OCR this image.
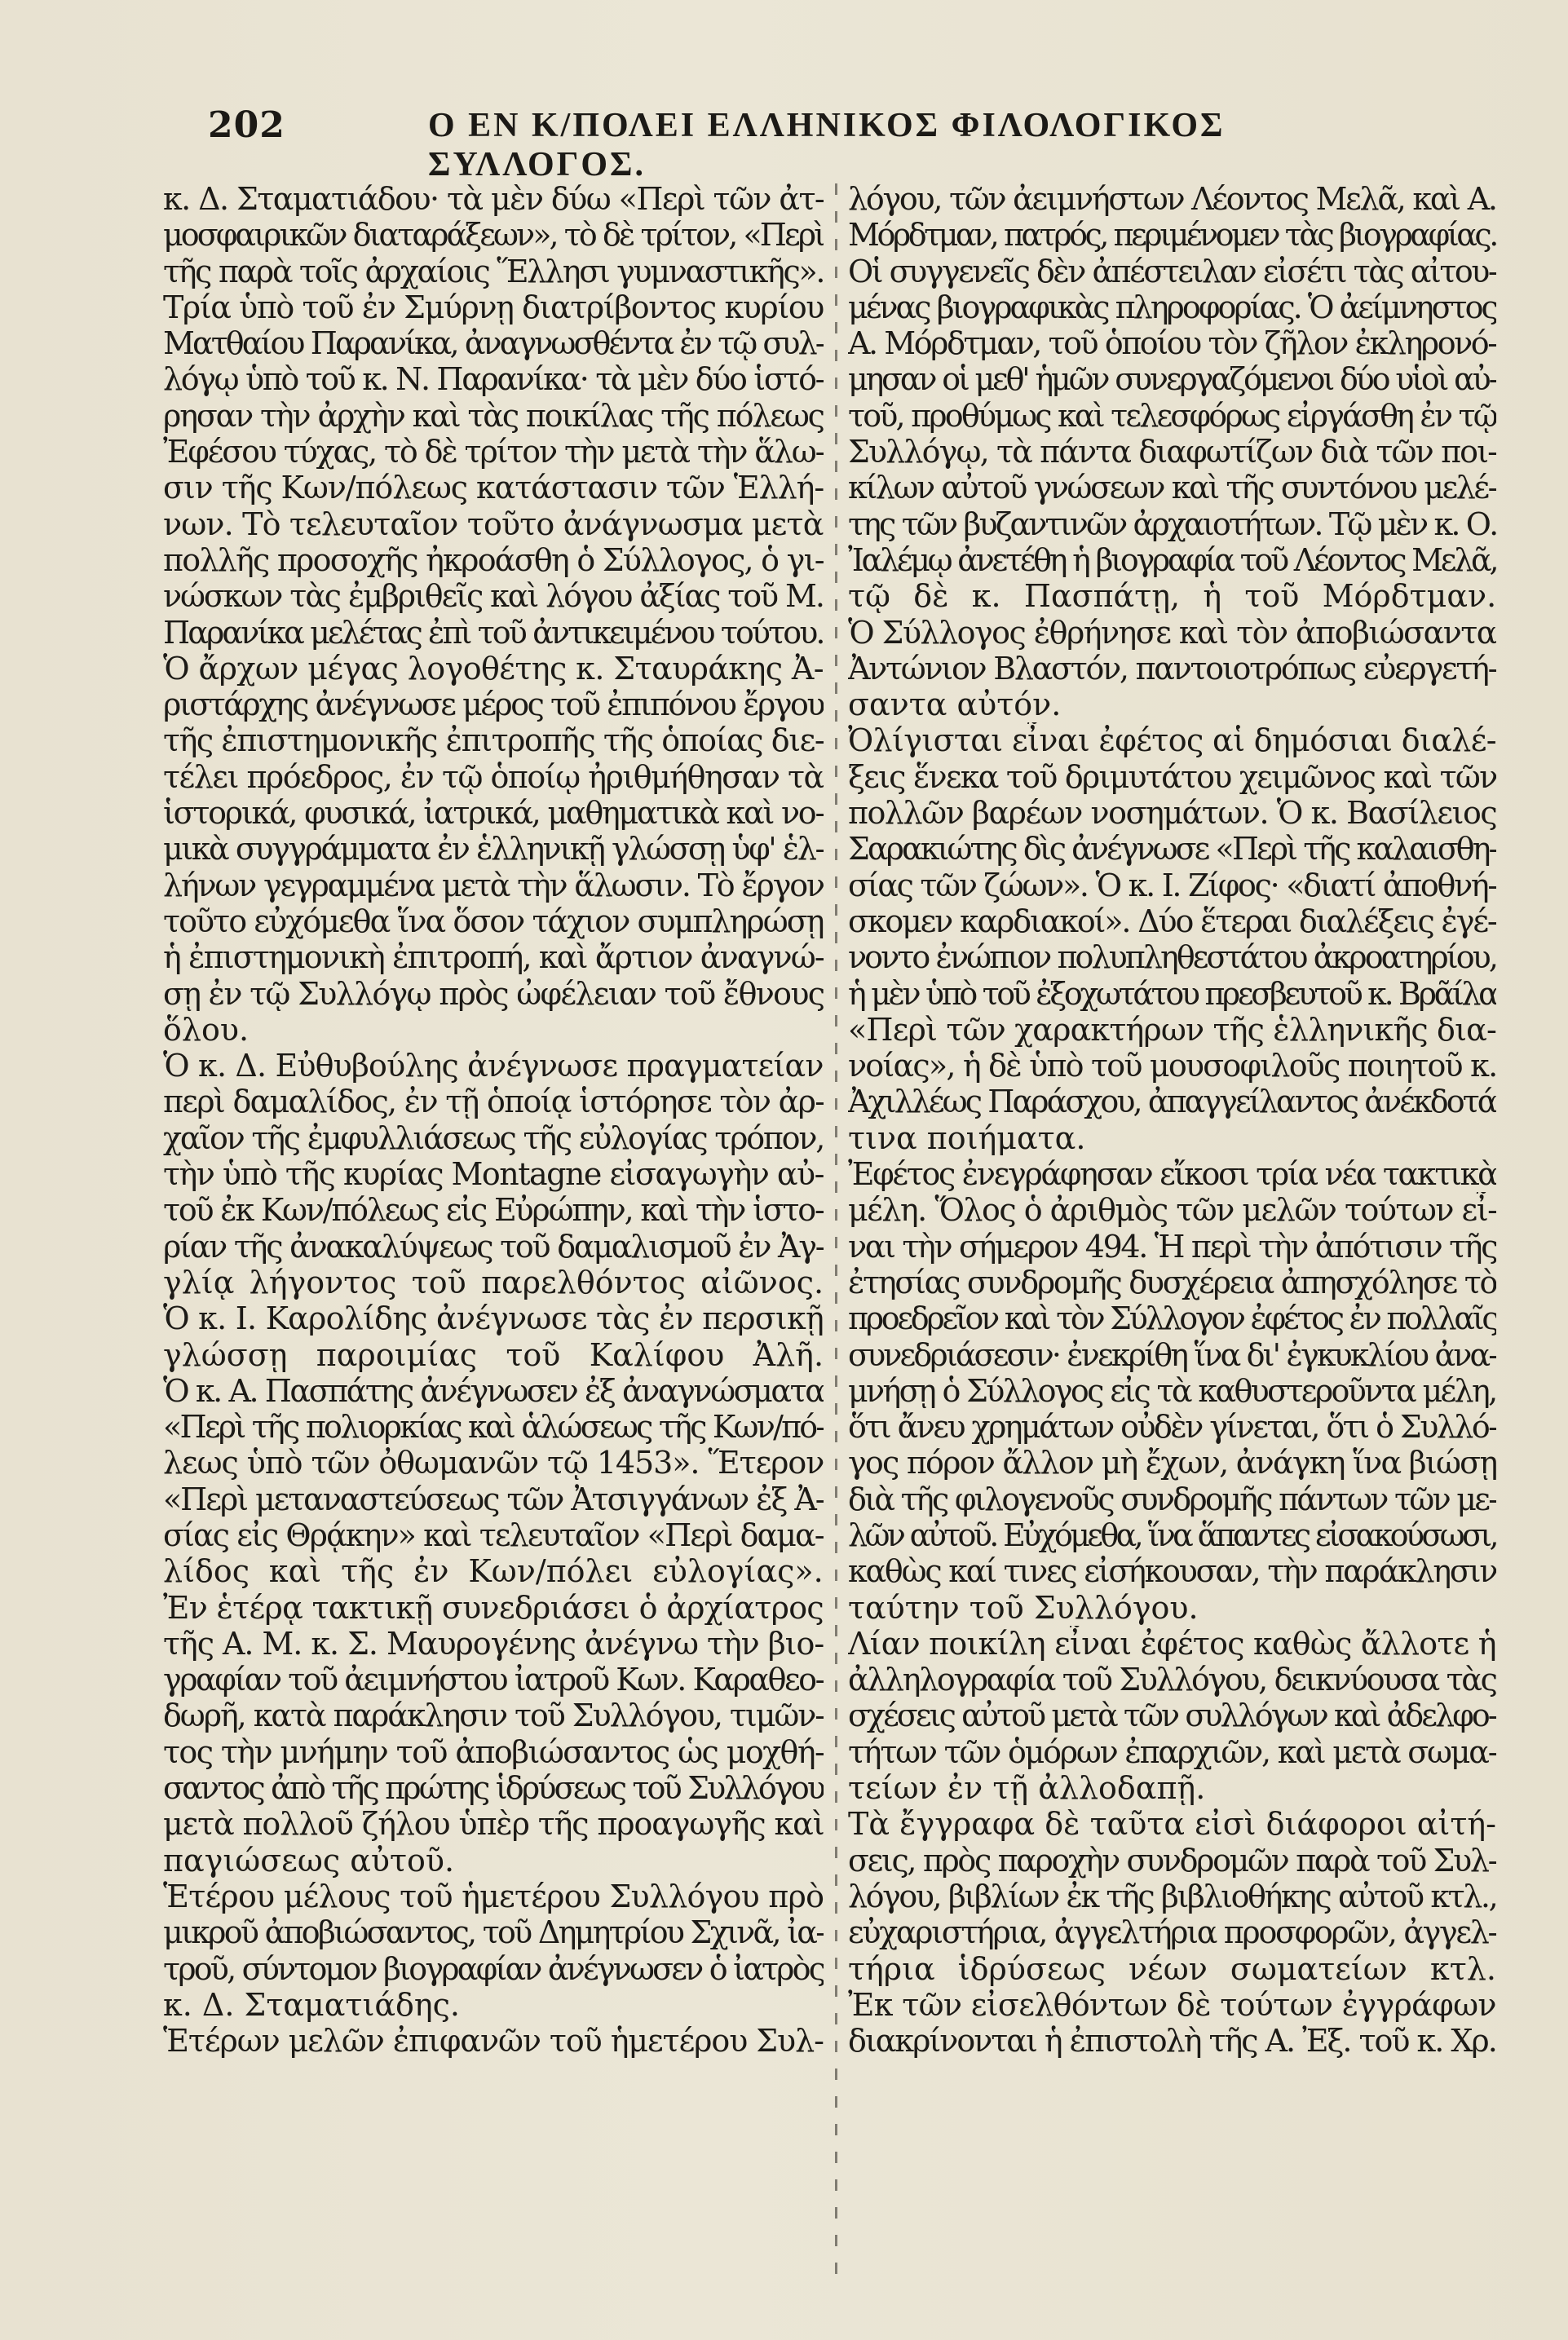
202	Ο ΕΝ Κ/ΠΟΛΕΙ ΕΛΛΗΝΙΚΟΣ ΦΙΛΟΛΟΓΙΚΟΣ ΣΥΛΛΟΓΟΣ.
κ. Δ. Σταματιάδου· τὰ μὲν δύω «Περὶ τῶν ἀτ-
μοσφαιρικῶν διαταράξεων», τὸ δὲ τρίτον, «Περὶ
τῆς παρὰ τοῖς ἀρχαίοις Ἕλλησι γυμναστικῆς».
Τρία ὑπὸ τοῦ ἐν Σμύρνῃ διατρίβοντος κυρίου
Ματθαίου Παρανίκα, ἀναγνωσθέντα ἐν τῷ συλ-
λόγῳ ὑπὸ τοῦ κ. Ν. Παρανίκα· τὰ μὲν δύο ἱστό-
ρησαν τὴν ἀρχὴν καὶ τὰς ποικίλας τῆς πόλεως
Ἐφέσου τύχας, τὸ δὲ τρίτον τὴν μετὰ τὴν ἅλω-
σιν τῆς Κων/πόλεως κατάστασιν τῶν Ἑλλή-
νων. Τὸ τελευταῖον τοῦτο ἀνάγνωσμα μετὰ
πολλῆς προσοχῆς ἠκροάσθη ὁ Σύλλογος, ὁ γι-
νώσκων τὰς ἐμβριθεῖς καὶ λόγου ἀξίας τοῦ Μ.
Παρανίκα μελέτας ἐπὶ τοῦ ἀντικειμένου τούτου.
Ὁ ἄρχων μέγας λογοθέτης κ. Σταυράκης Ἀ-
ριστάρχης ἀνέγνωσε μέρος τοῦ ἐπιπόνου ἔργου
τῆς ἐπιστημονικῆς ἐπιτροπῆς τῆς ὁποίας διε-
τέλει πρόεδρος, ἐν τῷ ὁποίῳ ἠριθμήθησαν τὰ
ἱστορικά, φυσικά, ἰατρικά, μαθηματικὰ καὶ νο-
μικὰ συγγράμματα ἐν ἑλληνικῇ γλώσσῃ ὑφ' ἑλ-
λήνων γεγραμμένα μετὰ τὴν ἅλωσιν. Τὸ ἔργον
τοῦτο εὐχόμεθα ἵνα ὅσον τάχιον συμπληρώσῃ
ἡ ἐπιστημονικὴ ἐπιτροπή, καὶ ἄρτιον ἀναγνώ-
σῃ ἐν τῷ Συλλόγῳ πρὸς ὠφέλειαν τοῦ ἔθνους
ὅλου.
Ὁ κ. Δ. Εὐθυβούλης ἀνέγνωσε πραγματείαν
περὶ δαμαλίδος, ἐν τῇ ὁποίᾳ ἱστόρησε τὸν ἀρ-
χαῖον τῆς ἐμφυλλιάσεως τῆς εὐλογίας τρόπον,
τὴν ὑπὸ τῆς κυρίας Montagne εἰσαγωγὴν αὐ-
τοῦ ἐκ Κων/πόλεως εἰς Εὐρώπην, καὶ τὴν ἱστο-
ρίαν τῆς ἀνακαλύψεως τοῦ δαμαλισμοῦ ἐν Ἀγ-
γλίᾳ λήγοντος τοῦ παρελθόντος αἰῶνος.
Ὁ κ. Ι. Καρολίδης ἀνέγνωσε τὰς ἐν περσικῇ
γλώσσῃ παροιμίας τοῦ Καλίφου Ἀλῆ.
Ὁ κ. Α. Πασπάτης ἀνέγνωσεν ἐξ ἀναγνώσματα
«Περὶ τῆς πολιορκίας καὶ ἁλώσεως τῆς Κων/πό-
λεως ὑπὸ τῶν ὀθωμανῶν τῷ 1453». Ἕτερον
«Περὶ μεταναστεύσεως τῶν Ἀτσιγγάνων ἐξ Ἀ-
σίας εἰς Θρᾴκην» καὶ τελευταῖον «Περὶ δαμα-
λίδος καὶ τῆς ἐν Κων/πόλει εὐλογίας».
Ἐν ἑτέρᾳ τακτικῇ συνεδριάσει ὁ ἀρχίατρος
τῆς Α. Μ. κ. Σ. Μαυρογένης ἀνέγνω τὴν βιο-
γραφίαν τοῦ ἀειμνήστου ἰατροῦ Κων. Καραθεο-
δωρῆ, κατὰ παράκλησιν τοῦ Συλλόγου, τιμῶν-
τος τὴν μνήμην τοῦ ἀποβιώσαντος ὡς μοχθή-
σαντος ἀπὸ τῆς πρώτης ἱδρύσεως τοῦ Συλλόγου
μετὰ πολλοῦ ζήλου ὑπὲρ τῆς προαγωγῆς καὶ
παγιώσεως αὐτοῦ.
Ἑτέρου μέλους τοῦ ἡμετέρου Συλλόγου πρὸ
μικροῦ ἀποβιώσαντος, τοῦ Δημητρίου Σχινᾶ, ἰα-
τροῦ, σύντομον βιογραφίαν ἀνέγνωσεν ὁ ἰατρὸς
κ. Δ. Σταματιάδης.
Ἑτέρων μελῶν ἐπιφανῶν τοῦ ἡμετέρου Συλ-
λόγου, τῶν ἀειμνήστων Λέοντος Μελᾶ, καὶ Α.
Μόρδτμαν, πατρός, περιμένομεν τὰς βιογραφίας.
Οἱ συγγενεῖς δὲν ἀπέστειλαν εἰσέτι τὰς αἰτου-
μένας βιογραφικὰς πληροφορίας. Ὁ ἀείμνηστος
Α. Μόρδτμαν, τοῦ ὁποίου τὸν ζῆλον ἐκληρονό-
μησαν οἱ μεθ' ἡμῶν συνεργαζόμενοι δύο υἱοὶ αὐ-
τοῦ, προθύμως καὶ τελεσφόρως εἰργάσθη ἐν τῷ
Συλλόγῳ, τὰ πάντα διαφωτίζων διὰ τῶν ποι-
κίλων αὐτοῦ γνώσεων καὶ τῆς συντόνου μελέ-
της τῶν βυζαντινῶν ἀρχαιοτήτων. Τῷ μὲν κ. Ο.
Ἰαλέμῳ ἀνετέθη ἡ βιογραφία τοῦ Λέοντος Μελᾶ,
τῷ δὲ κ. Πασπάτῃ, ἡ τοῦ Μόρδτμαν.
Ὁ Σύλλογος ἐθρήνησε καὶ τὸν ἀποβιώσαντα
Ἀντώνιον Βλαστόν, παντοιοτρόπως εὐεργετή-
σαντα αὐτόν.
Ὀλίγισται εἶναι ἐφέτος αἱ δημόσιαι διαλέ-
ξεις ἕνεκα τοῦ δριμυτάτου χειμῶνος καὶ τῶν
πολλῶν βαρέων νοσημάτων. Ὁ κ. Βασίλειος
Σαρακιώτης δὶς ἀνέγνωσε «Περὶ τῆς καλαισθη-
σίας τῶν ζώων». Ὁ κ. Ι. Ζίφος· «διατί ἀποθνή-
σκομεν καρδιακοί». Δύο ἕτεραι διαλέξεις ἐγέ-
νοντο ἐνώπιον πολυπληθεστάτου ἀκροατηρίου,
ἡ μὲν ὑπὸ τοῦ ἐξοχωτάτου πρεσβευτοῦ κ. Βρᾶίλα
«Περὶ τῶν χαρακτήρων τῆς ἑλληνικῆς δια-
νοίας», ἡ δὲ ὑπὸ τοῦ μουσοφιλοῦς ποιητοῦ κ.
Ἀχιλλέως Παράσχου, ἀπαγγείλαντος ἀνέκδοτά
τινα ποιήματα.
Ἐφέτος ἐνεγράφησαν εἴκοσι τρία νέα τακτικὰ
μέλη. Ὅλος ὁ ἀριθμὸς τῶν μελῶν τούτων εἶ-
ναι τὴν σήμερον 494. Ἡ περὶ τὴν ἀπότισιν τῆς
ἐτησίας συνδρομῆς δυσχέρεια ἀπησχόλησε τὸ
προεδρεῖον καὶ τὸν Σύλλογον ἐφέτος ἐν πολλαῖς
συνεδριάσεσιν· ἐνεκρίθη ἵνα δι' ἐγκυκλίου ἀνα-
μνήσῃ ὁ Σύλλογος εἰς τὰ καθυστεροῦντα μέλη,
ὅτι ἄνευ χρημάτων οὐδὲν γίνεται, ὅτι ὁ Συλλό-
γος πόρον ἄλλον μὴ ἔχων, ἀνάγκη ἵνα βιώσῃ
διὰ τῆς φιλογενοῦς συνδρομῆς πάντων τῶν με-
λῶν αὐτοῦ. Εὐχόμεθα, ἵνα ἅπαντες εἰσακούσωσι,
καθὼς καί τινες εἰσήκουσαν, τὴν παράκλησιν
ταύτην τοῦ Συλλόγου.
Λίαν ποικίλη εἶναι ἐφέτος καθὼς ἄλλοτε ἡ
ἀλληλογραφία τοῦ Συλλόγου, δεικνύουσα τὰς
σχέσεις αὐτοῦ μετὰ τῶν συλλόγων καὶ ἀδελφο-
τήτων τῶν ὁμόρων ἐπαρχιῶν, καὶ μετὰ σωμα-
τείων ἐν τῇ ἀλλοδαπῇ.
Τὰ ἔγγραφα δὲ ταῦτα εἰσὶ διάφοροι αἰτή-
σεις, πρὸς παροχὴν συνδρομῶν παρὰ τοῦ Συλ-
λόγου, βιβλίων ἐκ τῆς βιβλιοθήκης αὐτοῦ κτλ.,
εὐχαριστήρια, ἀγγελτήρια προσφορῶν, ἀγγελ-
τήρια ἱδρύσεως νέων σωματείων κτλ.
Ἐκ τῶν εἰσελθόντων δὲ τούτων ἐγγράφων
διακρίνονται ἡ ἐπιστολὴ τῆς Α. Ἐξ. τοῦ κ. Χρ.
